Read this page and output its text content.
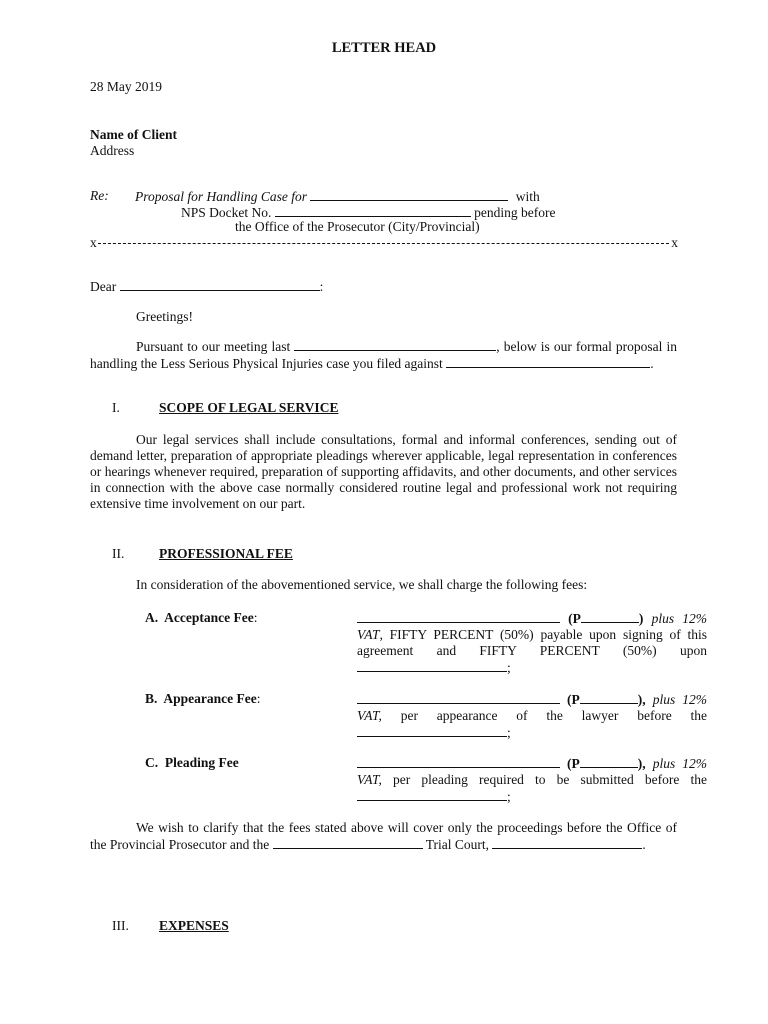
LETTER HEAD
28 May 2019
Name of Client
Address
Re: Proposal for Handling Case for	with
NPS Docket No.	pending before
the Office of the Prosecutor (City/Provincial)
x	x
Dear	:
Greetings!
Pursuant to our meeting last	, below is our formal proposal in handling the Less Serious Physical Injuries case you filed against	.
I.	SCOPE OF LEGAL SERVICE
Our legal services shall include consultations, formal and informal conferences, sending out of demand letter, preparation of appropriate pleadings wherever applicable, legal representation in conferences or hearings whenever required, preparation of supporting affidavits, and other documents, and other services in connection with the above case normally considered routine legal and professional work not requiring extensive time involvement on our part.
II.	PROFESSIONAL FEE
In consideration of the abovementioned service, we shall charge the following fees:
A. Acceptance Fee:	(P	) plus 12% VAT, FIFTY PERCENT (50%) payable upon signing of this agreement and FIFTY PERCENT (50%) upon ;
B. Appearance Fee:	(P	), plus 12% VAT, per appearance of the lawyer before the ;
C. Pleading Fee	(P	), plus 12% VAT, per pleading required to be submitted before the ;
We wish to clarify that the fees stated above will cover only the proceedings before the Office of the Provincial Prosecutor and the	Trial Court,	.
III. EXPENSES
